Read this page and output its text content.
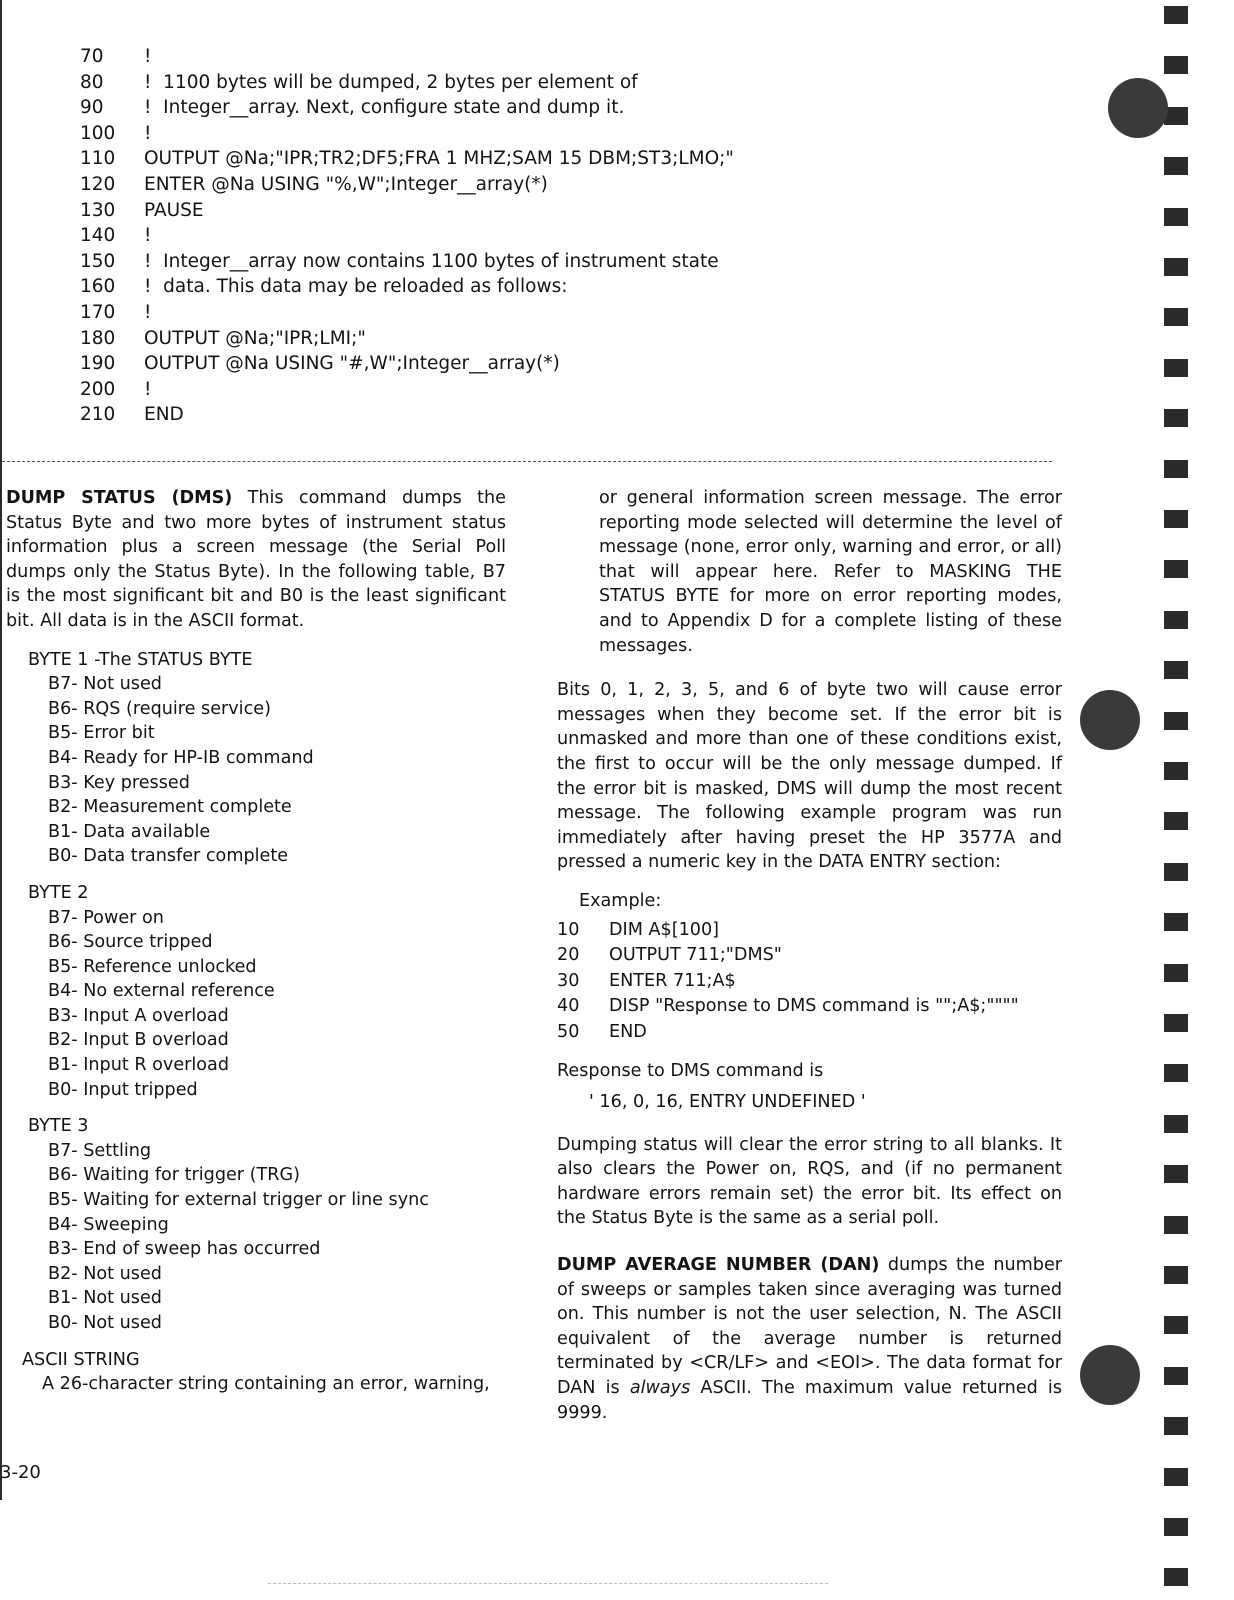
70	!
80	!  1100 bytes will be dumped, 2 bytes per element of
90	!  Integer__array. Next, configure state and dump it.
100	!
110	OUTPUT @Na;"IPR;TR2;DF5;FRA 1 MHZ;SAM 15 DBM;ST3;LMO;"
120	ENTER @Na USING "%,W";Integer__array(*)
130	PAUSE
140	!
150	!  Integer__array now contains 1100 bytes of instrument state
160	!  data. This data may be reloaded as follows:
170	!
180	OUTPUT @Na;"IPR;LMI;"
190	OUTPUT @Na USING "#,W";Integer__array(*)
200	!
210	END

DUMP STATUS (DMS) This command dumps the Status Byte and two more bytes of instrument status information plus a screen message (the Serial Poll dumps only the Status Byte). In the following table, B7 is the most significant bit and B0 is the least significant bit. All data is in the ASCII format.

BYTE 1 -The STATUS BYTE
B7- Not used
B6- RQS (require service)
B5- Error bit
B4- Ready for HP-IB command
B3- Key pressed
B2- Measurement complete
B1- Data available
B0- Data transfer complete
BYTE 2
B7- Power on
B6- Source tripped
B5- Reference unlocked
B4- No external reference
B3- Input A overload
B2- Input B overload
B1- Input R overload
B0- Input tripped
BYTE 3
B7- Settling
B6- Waiting for trigger (TRG)
B5- Waiting for external trigger or line sync
B4- Sweeping
B3- End of sweep has occurred
B2- Not used
B1- Not used
B0- Not used
ASCII STRING
A 26-character string containing an error, warning,

or general information screen message. The error reporting mode selected will determine the level of message (none, error only, warning and error, or all) that will appear here. Refer to MASKING THE STATUS BYTE for more on error reporting modes, and to Appendix D for a complete listing of these messages.

Bits 0, 1, 2, 3, 5, and 6 of byte two will cause error messages when they become set. If the error bit is unmasked and more than one of these conditions exist, the first to occur will be the only message dumped. If the error bit is masked, DMS will dump the most recent message. The following example program was run immediately after having preset the HP 3577A and pressed a numeric key in the DATA ENTRY section:

Example:
10	DIM A$[100]
20	OUTPUT 711;"DMS"
30	ENTER 711;A$
40	DISP "Response to DMS command is "";A$;""""
50	END
Response to DMS command is
' 16, 0, 16, ENTRY UNDEFINED '

Dumping status will clear the error string to all blanks. It also clears the Power on, RQS, and (if no permanent hardware errors remain set) the error bit. Its effect on the Status Byte is the same as a serial poll.

DUMP AVERAGE NUMBER (DAN) dumps the number of sweeps or samples taken since averaging was turned on. This number is not the user selection, N. The ASCII equivalent of the average number is returned terminated by <CR/LF> and <EOI>. The data format for DAN is always ASCII. The maximum value returned is 9999.

3-20
